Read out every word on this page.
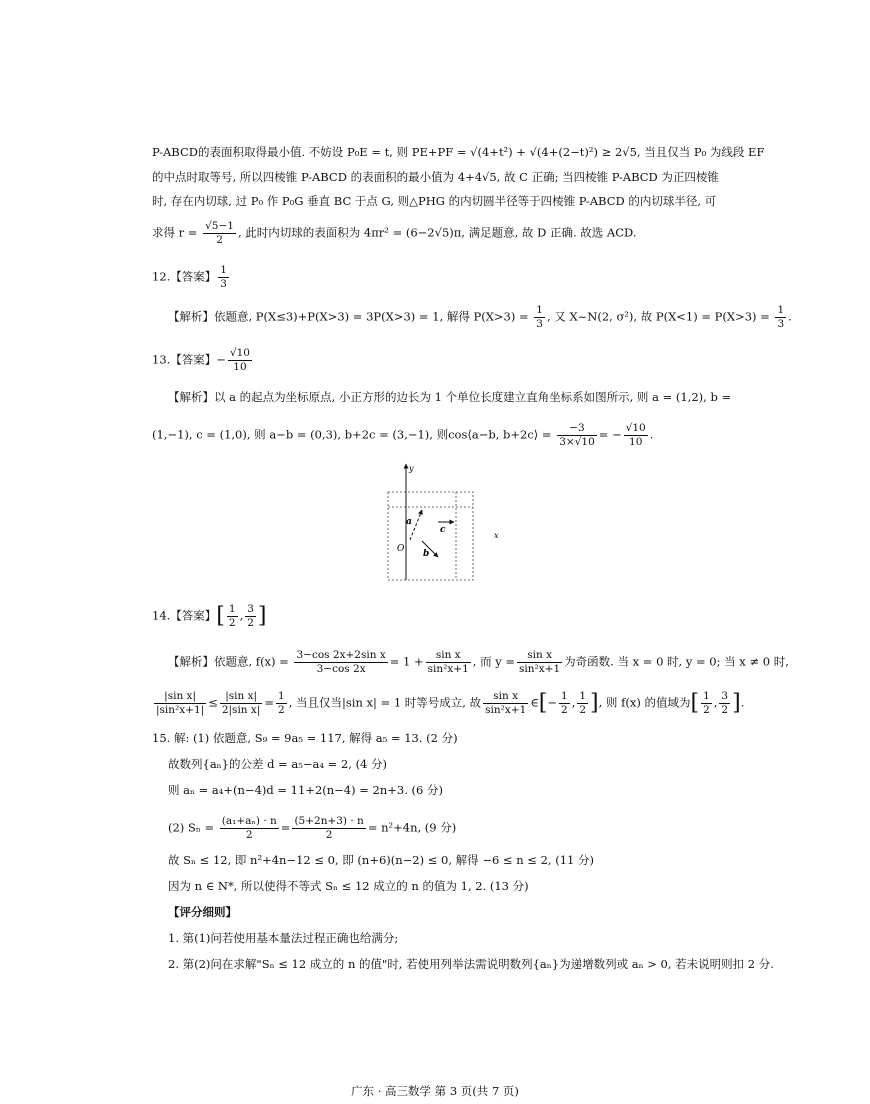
P-ABCD的表面积取得最小值. 不妨设 P₀E = t, 则 PE+PF = √(4+t²) + √(4+(2−t)²) ≥ 2√5, 当且仅当 P₀ 为线段 EF
的中点时取等号, 所以四棱锥 P-ABCD 的表面积的最小值为 4+4√5, 故 C 正确; 当四棱锥 P-ABCD 为正四棱锥
时, 存在内切球, 过 P₀ 作 P₀G 垂直 BC 于点 G, 则△PHG 的内切圆半径等于四棱锥 P-ABCD 的内切球半径, 可
求得 $r = \frac{√5-1}{2}$ , 此时内切球的表面积为 4πr² = (6−2√5)π, 满足题意, 故 D 正确. 故选 ACD.
12.【答案】 $\frac{1}{3}$
【解析】依题意, P(X≤3)+P(X>3) = 3P(X>3) = 1, 解得 $P(X>3) = \frac{1}{3}$ , 又 X~N(2, σ²), 故 $P(X<1) = P(X>3) = \frac{1}{3}$ .
13.【答案】− $\frac{√10}{10}$
【解析】以 a 的起点为坐标原点, 小正方形的边长为 1 个单位长度建立直角坐标系如图所示, 则 a = (1,2), b =
(1,−1), c = (1,0), 则 a−b = (0,3), b+2c = (3,−1), 则cos⟨a−b, b+2c⟩ = $\frac{-3}{3\times√10}$ = − $\frac{√10}{10}$ .
y
x
a
b
c
O
14.【答案】[ $\frac{1}{2}$ , $\frac{3}{2}$ ]
【解析】依题意, $f(x) = \frac{\text{3−cos 2x+2sin x}}{3-\cos 2x} = 1 + \frac{\text{sin x}}{\text{sin²x+1}}$ , 而 $y = \frac{\text{sin x}}{\text{sin²x+1}}$ 为奇函数. 当 x = 0 时, y = 0; 当 x ≠ 0 时,
$\frac{\text{|sin x|}}{\text{|sin²x+1|}} \le \frac{\text{|sin x|}}{\text{2|sin x|}} = \frac{1}{2}$ , 当且仅当|sin x| = 1 时等号成立, 故 $\frac{\text{sin x}}{\text{sin²x+1}}$ ∈[− $\frac{1}{2}$ , $\frac{1}{2}$ ], 则 f(x) 的值域为[ $\frac{1}{2}$ , $\frac{3}{2}$ ].
15. 解: (1) 依题意, S₉ = 9a₅ = 117, 解得 a₅ = 13. (2 分)
故数列{aₙ}的公差 d = a₅−a₄ = 2, (4 分)
则 aₙ = a₄+(n−4)d = 11+2(n−4) = 2n+3. (6 分)
(2) $S_n = \frac{\text{(a₁+aₙ) · n}}{2} = \frac{(5+2n+3) \cdot n}{2} = n^2+4n$, (9 分)
故 Sₙ ≤ 12, 即 n²+4n−12 ≤ 0, 即 (n+6)(n−2) ≤ 0, 解得 −6 ≤ n ≤ 2, (11 分)
因为 n ∈ N*, 所以使得不等式 Sₙ ≤ 12 成立的 n 的值为 1, 2. (13 分)
【评分细则】
1. 第(1)问若使用基本量法过程正确也给满分;
2. 第(2)问在求解"Sₙ ≤ 12 成立的 n 的值"时, 若使用列举法需说明数列{aₙ}为递增数列或 aₙ > 0, 若未说明则扣 2 分.
广东 · 高三数学 第 3 页(共 7 页)
